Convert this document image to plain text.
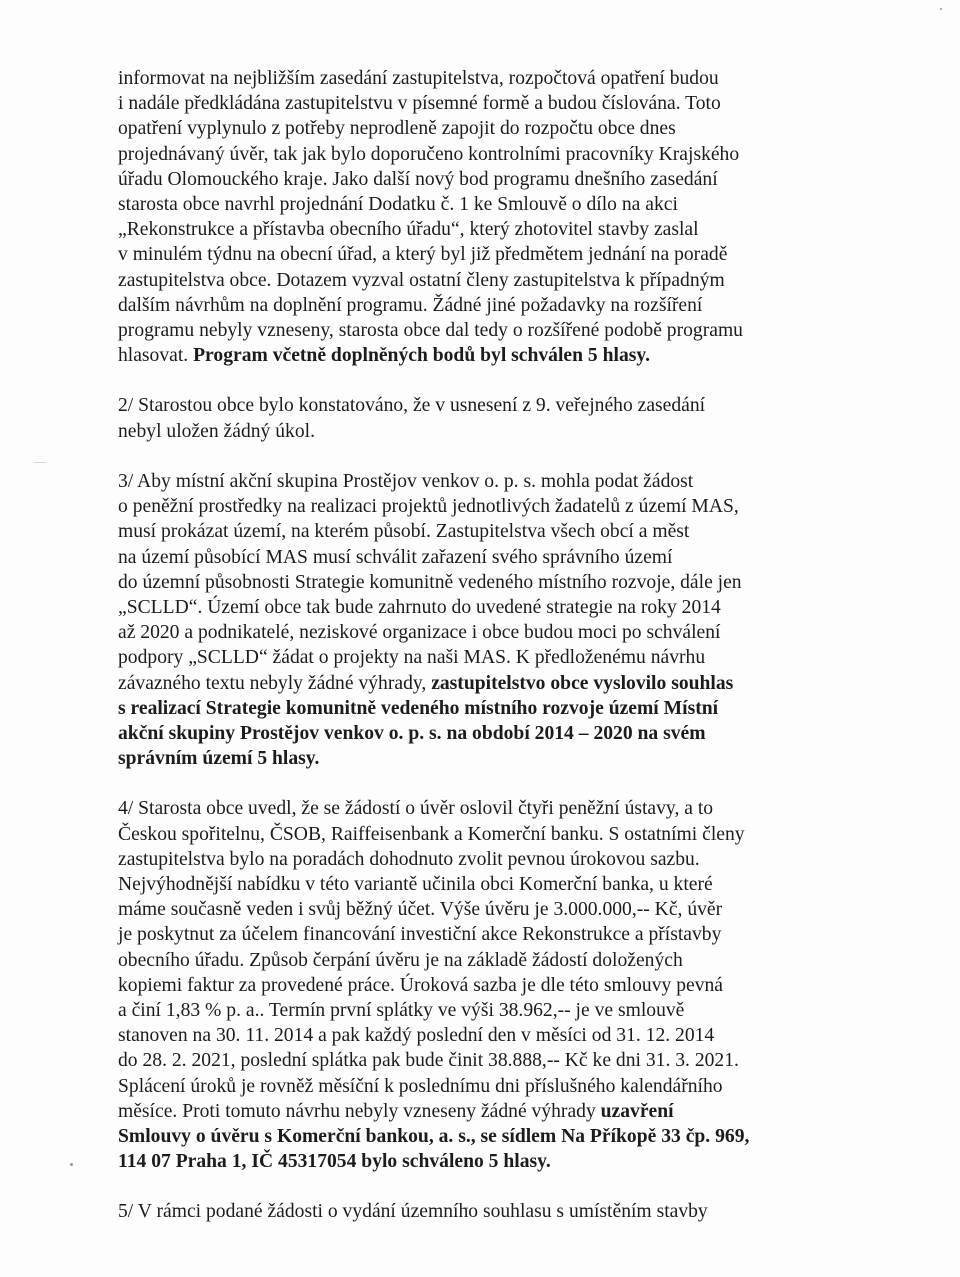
informovat na nejbližším zasedání zastupitelstva, rozpočtová opatření budou
i nadále předkládána zastupitelstvu v písemné formě a budou číslována. Toto
opatření vyplynulo z potřeby neprodleně zapojit do rozpočtu obce dnes
projednávaný úvěr, tak jak bylo doporučeno kontrolními pracovníky Krajského
úřadu Olomouckého kraje. Jako další nový bod programu dnešního zasedání
starosta obce navrhl projednání Dodatku č. 1 ke Smlouvě o dílo na akci
„Rekonstrukce a přístavba obecního úřadu“, který zhotovitel stavby zaslal
v minulém týdnu na obecní úřad, a který byl již předmětem jednání na poradě
zastupitelstva obce. Dotazem vyzval ostatní členy zastupitelstva k případným
dalším návrhům na doplnění programu. Žádné jiné požadavky na rozšíření
programu nebyly vzneseny, starosta obce dal tedy o rozšířené podobě programu
hlasovat. Program včetně doplněných bodů byl schválen 5 hlasy.
2/ Starostou obce bylo konstatováno, že v usnesení z 9. veřejného zasedání
nebyl uložen žádný úkol.
3/ Aby místní akční skupina Prostějov venkov o. p. s. mohla podat žádost
o peněžní prostředky na realizaci projektů jednotlivých žadatelů z území MAS,
musí prokázat území, na kterém působí. Zastupitelstva všech obcí a měst
na území působící MAS musí schválit zařazení svého správního území
do územní působnosti Strategie komunitně vedeného místního rozvoje, dále jen
„SCLLD“. Území obce tak bude zahrnuto do uvedené strategie na roky 2014
až 2020 a podnikatelé, neziskové organizace i obce budou moci po schválení
podpory „SCLLD“ žádat o projekty na naši MAS. K předloženému návrhu
závazného textu nebyly žádné výhrady, zastupitelstvo obce vyslovilo souhlas
s realizací Strategie komunitně vedeného místního rozvoje území Místní
akční skupiny Prostějov venkov o. p. s. na období 2014 – 2020 na svém
správním území 5 hlasy.
4/ Starosta obce uvedl, že se žádostí o úvěr oslovil čtyři peněžní ústavy, a to
Českou spořitelnu, ČSOB, Raiffeisenbank a Komerční banku. S ostatními členy
zastupitelstva bylo na poradách dohodnuto zvolit pevnou úrokovou sazbu.
Nejvýhodnější nabídku v této variantě učinila obci Komerční banka, u které
máme současně veden i svůj běžný účet. Výše úvěru je 3.000.000,-- Kč, úvěr
je poskytnut za účelem financování investiční akce Rekonstrukce a přístavby
obecního úřadu. Způsob čerpání úvěru je na základě žádostí doložených
kopiemi faktur za provedené práce. Úroková sazba je dle této smlouvy pevná
a činí 1,83 % p. a.. Termín první splátky ve výši 38.962,-- je ve smlouvě
stanoven na 30. 11. 2014 a pak každý poslední den v měsíci od 31. 12. 2014
do 28. 2. 2021, poslední splátka pak bude činit 38.888,-- Kč ke dni 31. 3. 2021.
Splácení úroků je rovněž měsíční k poslednímu dni příslušného kalendářního
měsíce. Proti tomuto návrhu nebyly vzneseny žádné výhrady uzavření
Smlouvy o úvěru s Komerční bankou, a. s., se sídlem Na Příkopě 33 čp. 969,
114 07 Praha 1, IČ 45317054 bylo schváleno 5 hlasy.
5/ V rámci podané žádosti o vydání územního souhlasu s umístěním stavby
